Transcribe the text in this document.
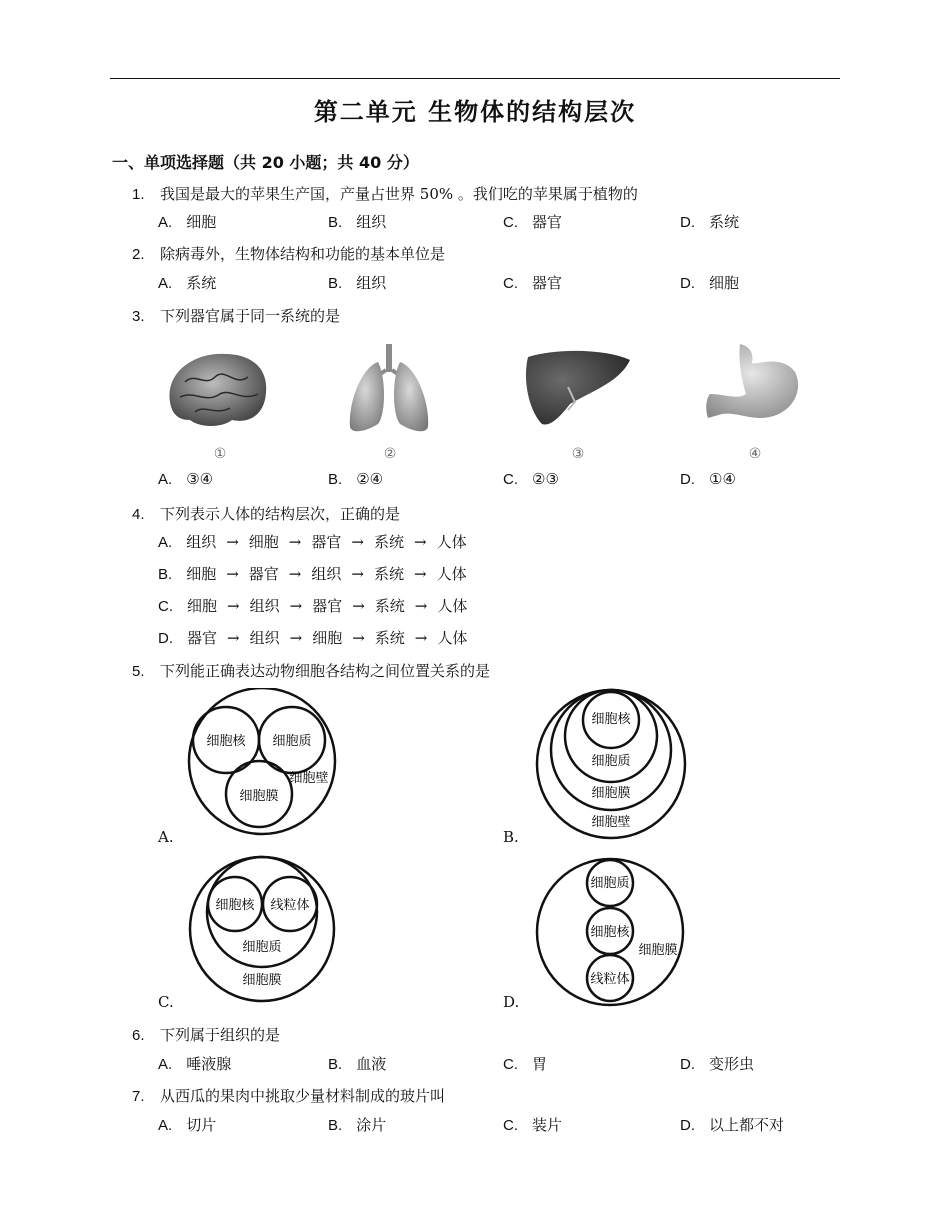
第二单元 生物体的结构层次
一、单项选择题（共 20 小题；共 40 分）
1. 我国是最大的苹果生产国，产量占世界 50% 。我们吃的苹果属于植物的
A. 细胞	B. 组织	C. 器官	D. 系统
2. 除病毒外，生物体结构和功能的基本单位是
A. 系统	B. 组织	C. 器官	D. 细胞
3. 下列器官属于同一系统的是
①	②	③	④
A. ③④	B. ②④	C. ②③	D. ①④
4. 下列表示人体的结构层次，正确的是
A. 组织 → 细胞 → 器官 → 系统 → 人体
B. 细胞 → 器官 → 组织 → 系统 → 人体
C. 细胞 → 组织 → 器官 → 系统 → 人体
D. 器官 → 组织 → 细胞 → 系统 → 人体
5. 下列能正确表达动物细胞各结构之间位置关系的是
细胞核 细胞质
细胞膜
细胞壁
A.
细胞核
细胞质
细胞膜
细胞壁
B.
细胞核 线粒体
细胞质
细胞膜
C.
细胞质
细胞核
线粒体
细胞膜
D.
6. 下列属于组织的是
A. 唾液腺	B. 血液	C. 胃	D. 变形虫
7. 从西瓜的果肉中挑取少量材料制成的玻片叫
A. 切片	B. 涂片	C. 装片	D. 以上都不对
